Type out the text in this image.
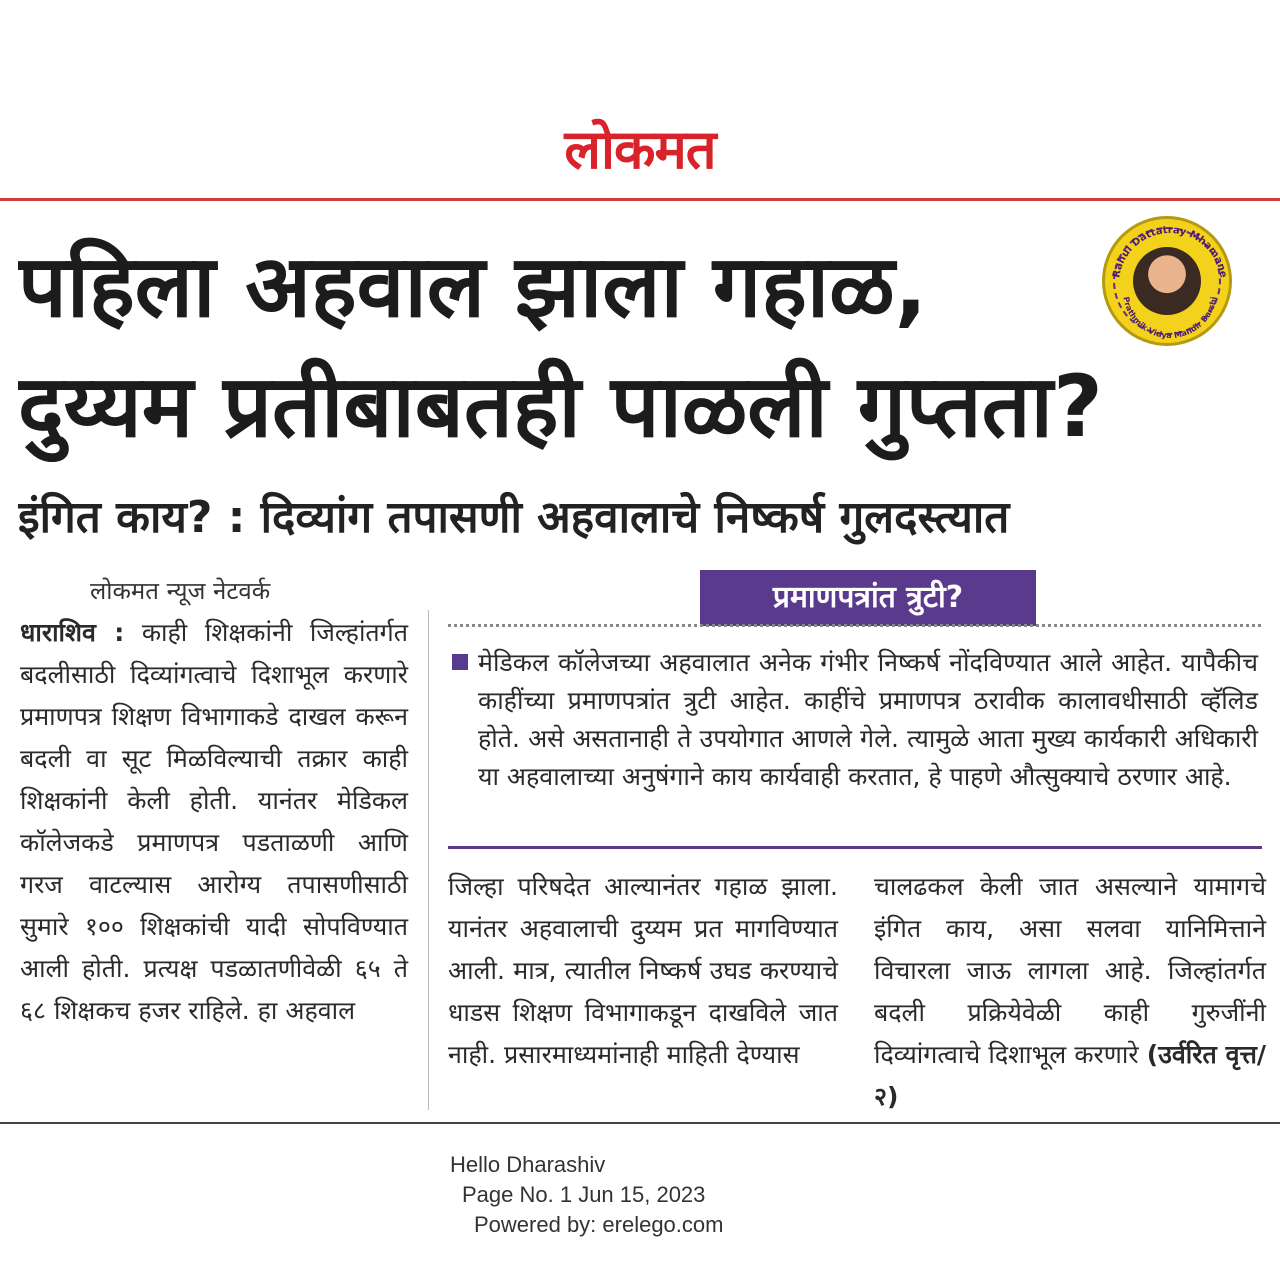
लोकमत
पहिला अहवाल झाला गहाळ,
दुय्यम प्रतीबाबतही पाळली गुप्तता?
Rahul Dattatray Mhamane
Prathmik Vidya Mandir Barshi
इंगित काय? : दिव्यांग तपासणी अहवालाचे निष्कर्ष गुलदस्त्यात
लोकमत न्यूज नेटवर्क
धाराशिव : काही शिक्षकांनी जिल्हांतर्गत बदलीसाठी दिव्यांगत्वाचे दिशाभूल करणारे प्रमाणपत्र शिक्षण विभागाकडे दाखल करून बदली वा सूट मिळविल्याची तक्रार काही शिक्षकांनी केली होती. यानंतर मेडिकल कॉलेजकडे प्रमाणपत्र पडताळणी आणि गरज वाटल्यास आरोग्य तपासणीसाठी सुमारे १०० शिक्षकांची यादी सोपविण्यात आली होती. प्रत्यक्ष पडळातणीवेळी ६५ ते ६८ शिक्षकच हजर राहिले. हा अहवाल
प्रमाणपत्रांत त्रुटी?
मेडिकल कॉलेजच्या अहवालात अनेक गंभीर निष्कर्ष नोंदविण्यात आले आहेत. यापैकीच काहींच्या प्रमाणपत्रांत त्रुटी आहेत. काहींचे प्रमाणपत्र ठरावीक कालावधीसाठी व्हॅलिड होते. असे असतानाही ते उपयोगात आणले गेले. त्यामुळे आता मुख्य कार्यकारी अधिकारी या अहवालाच्या अनुषंगाने काय कार्यवाही करतात, हे पाहणे औत्सुक्याचे ठरणार आहे.
जिल्हा परिषदेत आल्यानंतर गहाळ झाला. यानंतर अहवालाची दुय्यम प्रत मागविण्यात आली. मात्र, त्यातील निष्कर्ष उघड करण्याचे धाडस शिक्षण विभागाकडून दाखविले जात नाही. प्रसारमाध्यमांनाही माहिती देण्यास
चालढकल केली जात असल्याने यामागचे इंगित काय, असा सलवा यानिमित्ताने विचारला जाऊ लागला आहे. जिल्हांतर्गत बदली प्रक्रियेवेळी काही गुरुजींनी दिव्यांगत्वाचे दिशाभूल करणारे (उर्वरित वृत्त/२)
Hello Dharashiv
Page No. 1 Jun 15, 2023
Powered by: erelego.com
